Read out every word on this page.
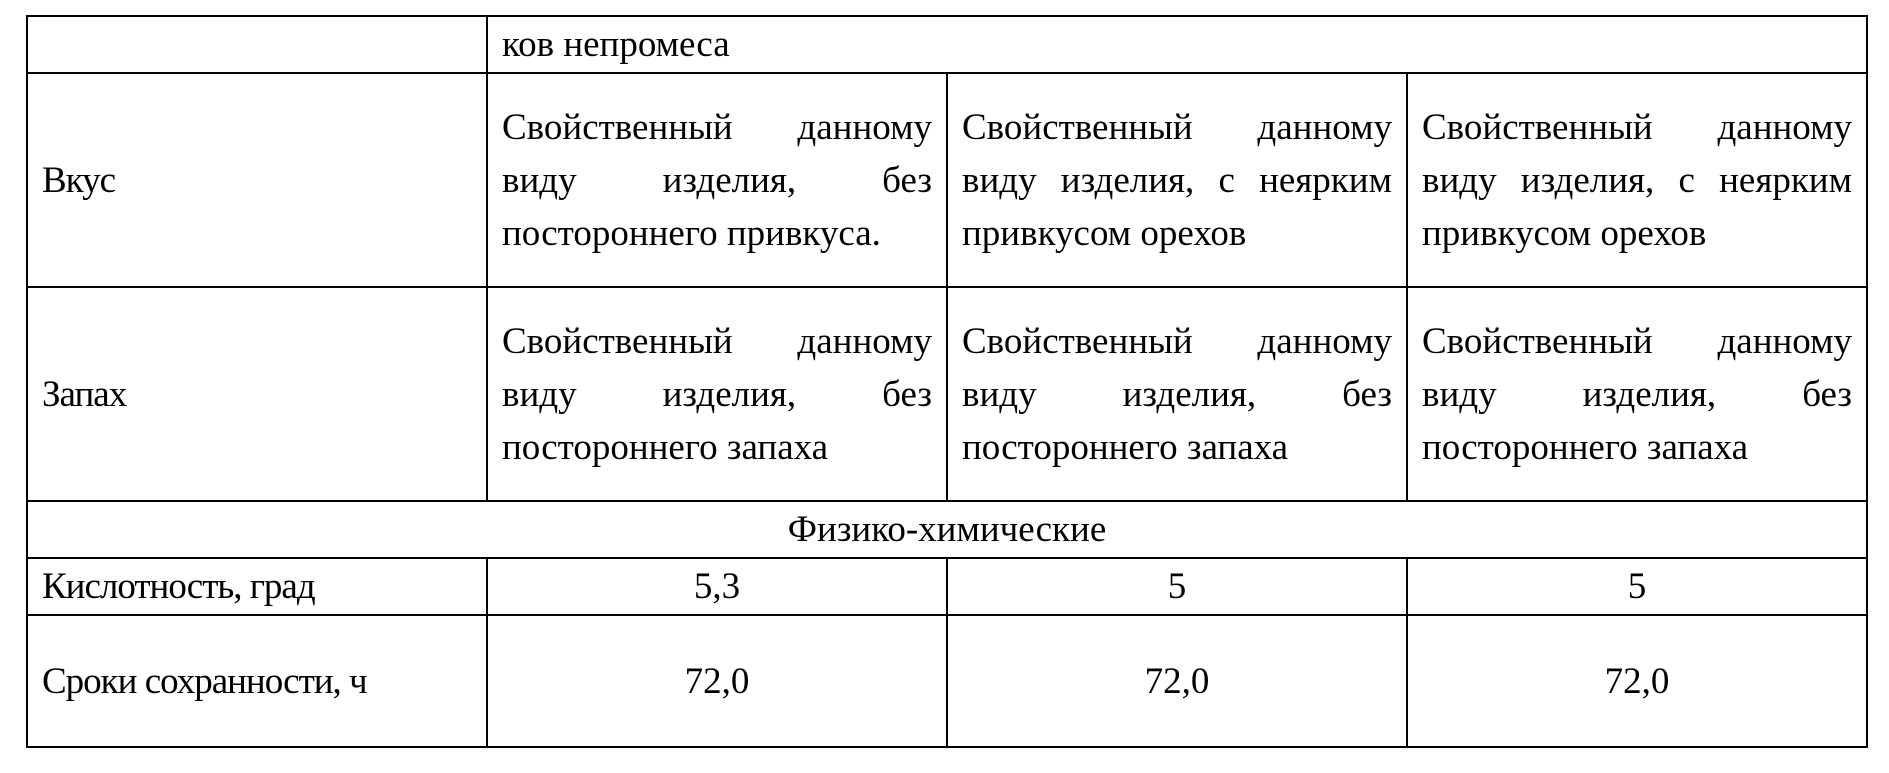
	ков непромеса		
Вкус	Свойственный данному виду изделия, без постороннего привкуса.	Свойственный данному виду изделия, с неярким привкусом орехов	Свойственный данному виду изделия, с неярким привкусом орехов
Запах	Свойственный данному виду изделия, без постороннего запаха	Свойственный данному виду изделия, без постороннего запаха	Свойственный данному виду изделия, без постороннего запаха
Физико-химические			
Кислотность, град	5,3	5	5
Сроки сохранности, ч	72,0	72,0	72,0
